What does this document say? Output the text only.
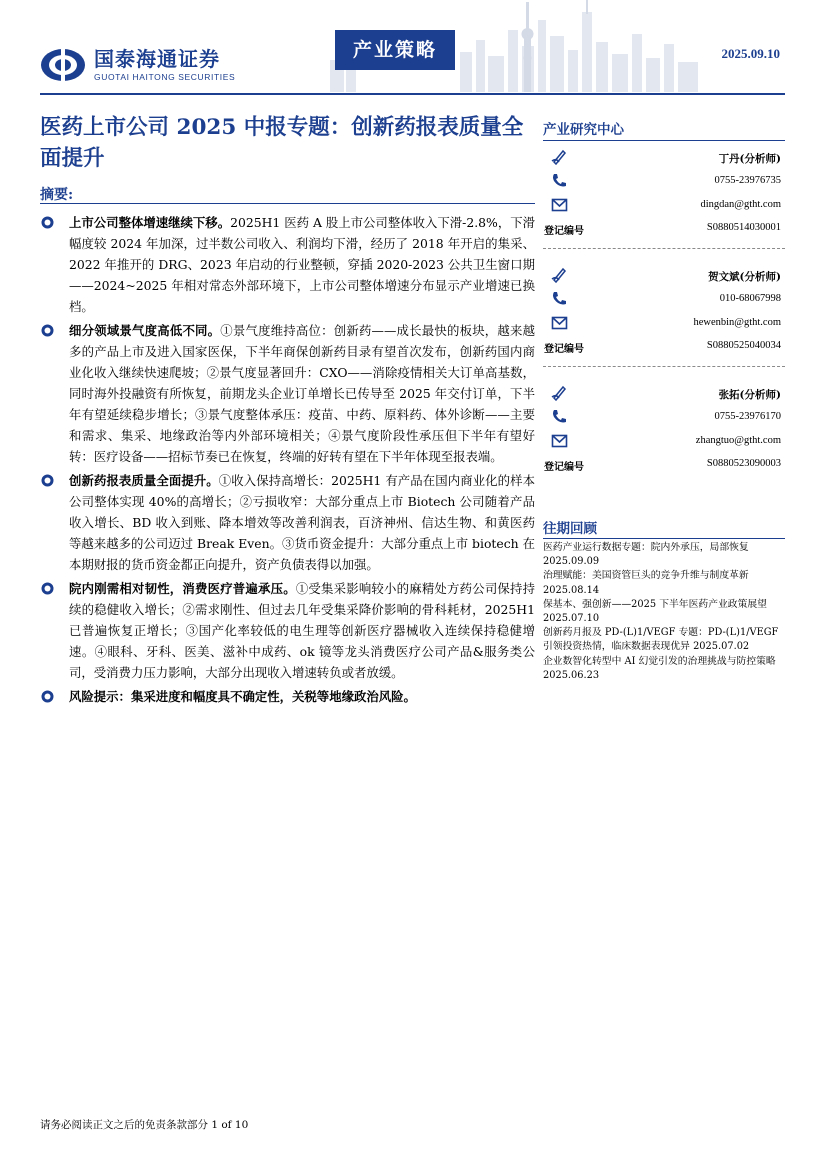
国泰海通证券
GUOTAI HAITONG SECURITIES
产业策略	2025.09.10
医药上市公司 2025 中报专题：创新药报表质量全面提升
摘要:
上市公司整体增速继续下移。2025H1 医药 A 股上市公司整体收入下滑-2.8%，下滑幅度较 2024 年加深，过半数公司收入、利润均下滑，经历了 2018 年开启的集采、2022 年推开的 DRG、2023 年启动的行业整顿，穿插 2020-2023 公共卫生窗口期——2024~2025 年相对常态外部环境下，上市公司整体增速分布显示产业增速已换档。
细分领域景气度高低不同。①景气度维持高位：创新药——成长最快的板块，越来越多的产品上市及进入国家医保，下半年商保创新药目录有望首次发布，创新药国内商业化收入继续快速爬坡；②景气度显著回升：CXO——消除疫情相关大订单高基数，同时海外投融资有所恢复，前期龙头企业订单增长已传导至 2025 年交付订单，下半年有望延续稳步增长；③景气度整体承压：疫苗、中药、原料药、体外诊断——主要和需求、集采、地缘政治等内外部环境相关；④景气度阶段性承压但下半年有望好转：医疗设备——招标节奏已在恢复，终端的好转有望在下半年体现至报表端。
创新药报表质量全面提升。①收入保持高增长：2025H1 有产品在国内商业化的样本公司整体实现 40%的高增长；②亏损收窄：大部分重点上市 Biotech 公司随着产品收入增长、BD 收入到账、降本增效等改善利润表，百济神州、信达生物、和黄医药等越来越多的公司迈过 Break Even。③货币资金提升：大部分重点上市 biotech 在本期财报的货币资金都正向提升，资产负债表得以加强。
院内刚需相对韧性，消费医疗普遍承压。①受集采影响较小的麻精处方药公司保持持续的稳健收入增长；②需求刚性、但过去几年受集采降价影响的骨科耗材，2025H1 已普遍恢复正增长；③国产化率较低的电生理等创新医疗器械收入连续保持稳健增速。④眼科、牙科、医美、滋补中成药、ok 镜等龙头消费医疗公司产品&服务类公司，受消费力压力影响，大部分出现收入增速转负或者放缓。
风险提示：集采进度和幅度具不确定性，关税等地缘政治风险。
产业研究中心
丁丹(分析师)
0755-23976735
dingdan@gtht.com
登记编号	S0880514030001
贺文斌(分析师)
010-68067998
hewenbin@gtht.com
登记编号	S0880525040034
张拓(分析师)
0755-23976170
zhangtuo@gtht.com
登记编号	S0880523090003
往期回顾
医药产业运行数据专题：院内外承压，局部恢复 2025.09.09
治理赋能：美国资管巨头的竞争升维与制度革新 2025.08.14
保基本、强创新——2025 下半年医药产业政策展望 2025.07.10
创新药月报及 PD-(L)1/VEGF 专题：PD-(L)1/VEGF 引领投资热情，临床数据表现优异 2025.07.02
企业数智化转型中 AI 幻觉引发的治理挑战与防控策略 2025.06.23
请务必阅读正文之后的免责条款部分 1 of 10
